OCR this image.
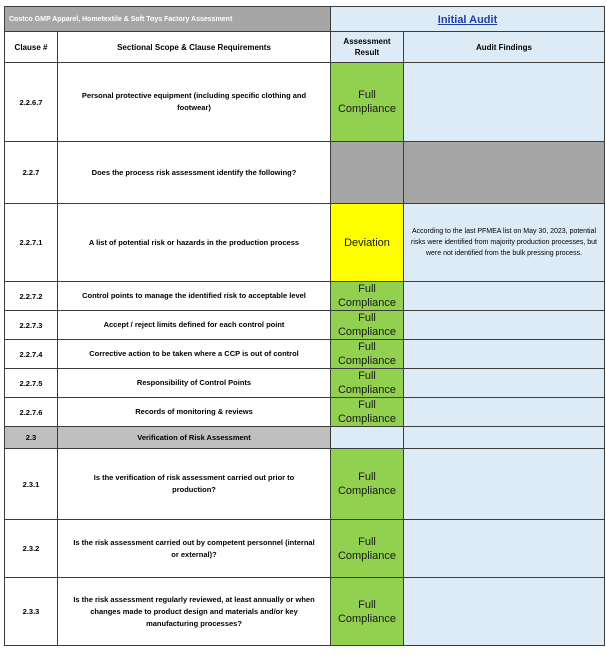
Costco GMP Apparel, Hometextile & Soft Toys Factory Assessment		Initial Audit	
Clause #	Sectional Scope & Clause Requirements	Assessment Result	Audit Findings
2.2.6.7	Personal protective equipment (including specific clothing and footwear)	Full Compliance	
2.2.7	Does the process risk assessment identify the following?		
2.2.7.1	A list of potential risk or hazards in the production process	Deviation	According to the last PFMEA list on May 30, 2023, potential risks were identified from majority production processes, but were not identified from the bulk pressing process.
2.2.7.2	Control points to manage the identified risk to acceptable level	Full Compliance	
2.2.7.3	Accept / reject limits defined for each control point	Full Compliance	
2.2.7.4	Corrective action to be taken where a CCP is out of control	Full Compliance	
2.2.7.5	Responsibility of Control Points	Full Compliance	
2.2.7.6	Records of monitoring & reviews	Full Compliance	
2.3	Verification of Risk Assessment		
2.3.1	Is the verification of risk assessment carried out prior to production?	Full Compliance	
2.3.2	Is the risk assessment carried out by competent personnel (internal or external)?	Full Compliance	
2.3.3	Is the risk assessment regularly reviewed, at least annually or when changes made to product design and materials and/or key manufacturing processes?	Full Compliance	
